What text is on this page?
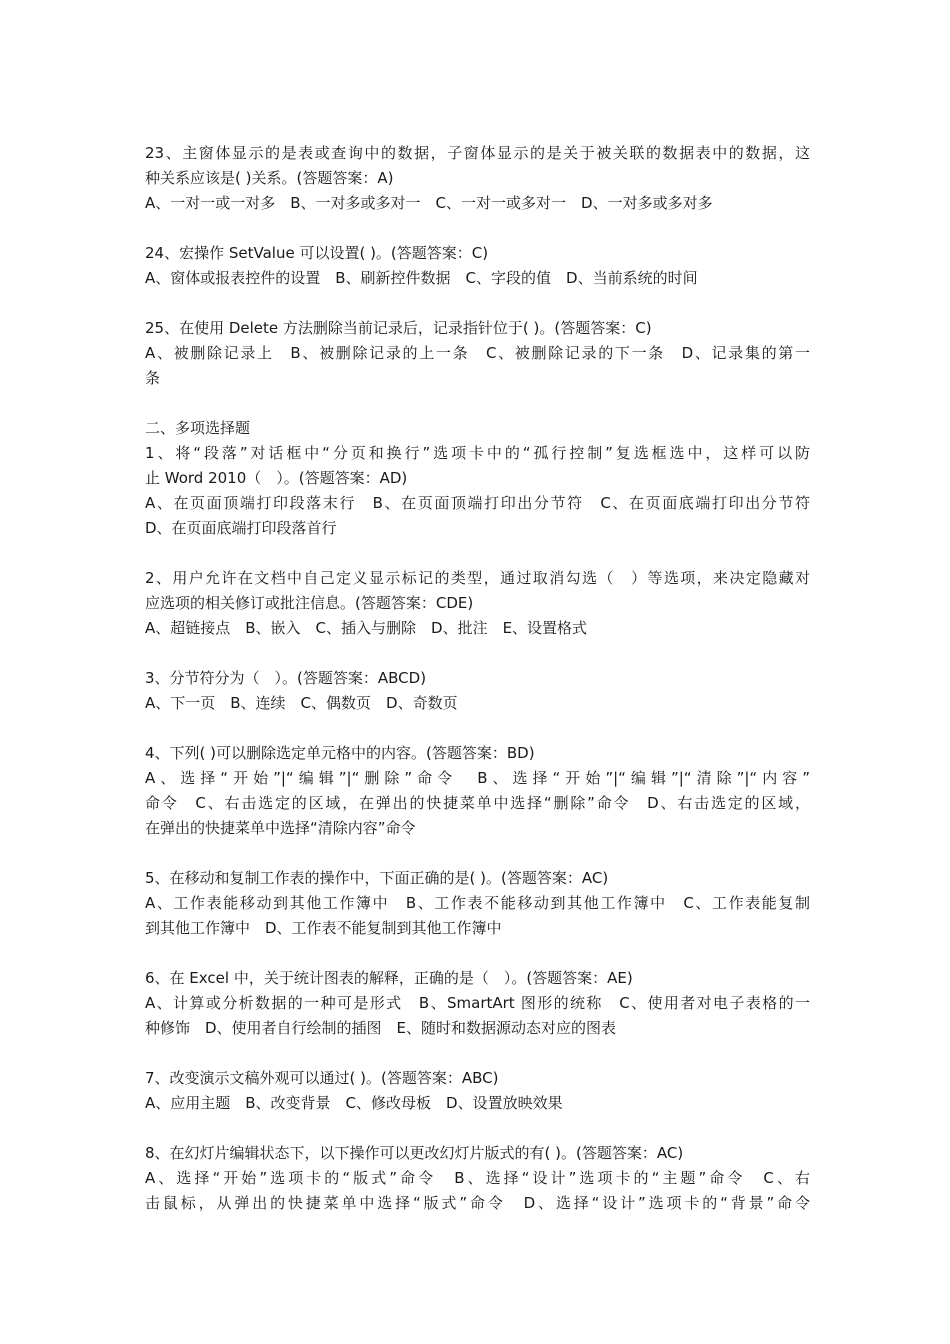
23、主窗体显示的是表或查询中的数据，子窗体显示的是关于被关联的数据表中的数据，这
种关系应该是( )关系。(答题答案：A)
A、一对一或一对多　B、一对多或多对一　C、一对一或多对一　D、一对多或多对多
24、宏操作 SetValue 可以设置( )。(答题答案：C)
A、窗体或报表控件的设置　B、刷新控件数据　C、字段的值　D、当前系统的时间
25、在使用 Delete 方法删除当前记录后，记录指针位于( )。(答题答案：C)
A、被删除记录上　B、被删除记录的上一条　C、被删除记录的下一条　D、记录集的第一
条
二、多项选择题
1、将“段落”对话框中“分页和换行”选项卡中的“孤行控制”复选框选中，这样可以防
止 Word 2010（　）。(答题答案：AD)
A、在页面顶端打印段落末行　B、在页面顶端打印出分节符　C、在页面底端打印出分节符
D、在页面底端打印段落首行
2、用户允许在文档中自己定义显示标记的类型，通过取消勾选（　）等选项，来决定隐藏对
应选项的相关修订或批注信息。(答题答案：CDE)
A、超链接点　B、嵌入　C、插入与删除　D、批注　E、设置格式
3、分节符分为（　）。(答题答案：ABCD)
A、下一页　B、连续　C、偶数页　D、奇数页
4、下列( )可以删除选定单元格中的内容。(答题答案：BD)
A、选择“开始”|“编辑”|“删除”命令　B、选择“开始”|“编辑”|“清除”|“内容”
命令　C、右击选定的区域，在弹出的快捷菜单中选择“删除”命令　D、右击选定的区域，
在弹出的快捷菜单中选择“清除内容”命令
5、在移动和复制工作表的操作中，下面正确的是( )。(答题答案：AC)
A、工作表能移动到其他工作簿中　B、工作表不能移动到其他工作簿中　C、工作表能复制
到其他工作簿中　D、工作表不能复制到其他工作簿中
6、在 Excel 中，关于统计图表的解释，正确的是（　）。(答题答案：AE)
A、计算或分析数据的一种可是形式　B、SmartArt 图形的统称　C、使用者对电子表格的一
种修饰　D、使用者自行绘制的插图　E、随时和数据源动态对应的图表
7、改变演示文稿外观可以通过( )。(答题答案：ABC)
A、应用主题　B、改变背景　C、修改母板　D、设置放映效果
8、在幻灯片编辑状态下，以下操作可以更改幻灯片版式的有( )。(答题答案：AC)
A、选择“开始”选项卡的“版式”命令　B、选择“设计”选项卡的“主题”命令　C、右
击鼠标，从弹出的快捷菜单中选择“版式”命令　D、选择“设计”选项卡的“背景”命令
